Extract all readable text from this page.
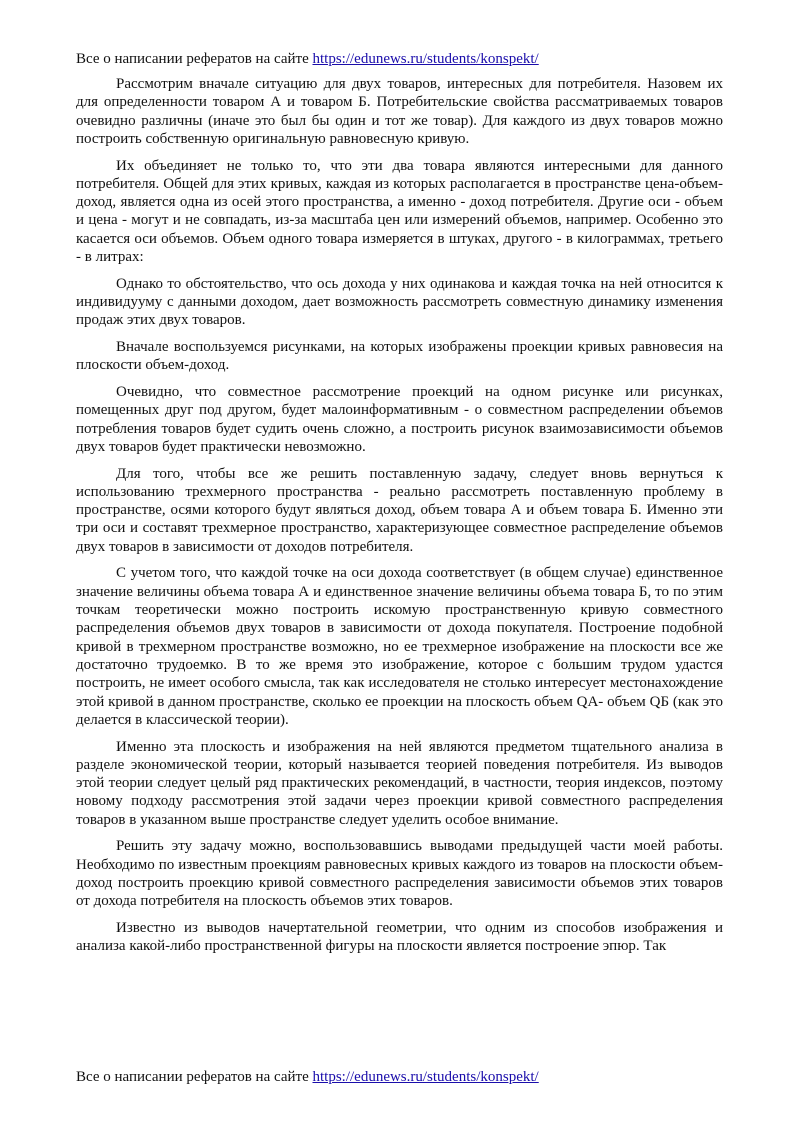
Все о написании рефератов на сайте https://edunews.ru/students/konspekt/

Рассмотрим вначале ситуацию для двух товаров, интересных для потребителя. Назовем их для определенности товаром А и товаром Б. Потребительские свойства рассматриваемых товаров очевидно различны (иначе это был бы один и тот же товар). Для каждого из двух товаров можно построить собственную оригинальную равновесную кривую.

Их объединяет не только то, что эти два товара являются интересными для данного потребителя. Общей для этих кривых, каждая из которых располагается в пространстве цена-объем-доход, является одна из осей этого пространства, а именно - доход потребителя. Другие оси - объем и цена - могут и не совпадать, из-за масштаба цен или измерений объемов, например. Особенно это касается оси объемов. Объем одного товара измеряется в штуках, другого - в килограммах, третьего - в литрах:

Однако то обстоятельство, что ось дохода у них одинакова и каждая точка на ней относится к индивидууму с данными доходом, дает возможность рассмотреть совместную динамику изменения продаж этих двух товаров.

Вначале воспользуемся рисунками, на которых изображены проекции кривых равновесия на плоскости объем-доход.

Очевидно, что совместное рассмотрение проекций на одном рисунке или рисунках, помещенных друг под другом, будет малоинформативным - о совместном распределении объемов потребления товаров будет судить очень сложно, а построить рисунок взаимозависимости объемов двух товаров будет практически невозможно.

Для того, чтобы все же решить поставленную задачу, следует вновь вернуться к использованию трехмерного пространства - реально рассмотреть поставленную проблему в пространстве, осями которого будут являться доход, объем товара А и объем товара Б. Именно эти три оси и составят трехмерное пространство, характеризующее совместное распределение объемов двух товаров в зависимости от доходов потребителя.

С учетом того, что каждой точке на оси дохода соответствует (в общем случае) единственное значение величины объема товара А и единственное значение величины объема товара Б, то по этим точкам теоретически можно построить искомую пространственную кривую совместного распределения объемов двух товаров в зависимости от дохода покупателя. Построение подобной кривой в трехмерном пространстве возможно, но ее трехмерное изображение на плоскости все же достаточно трудоемко. В то же время это изображение, которое с большим трудом удастся построить, не имеет особого смысла, так как исследователя не столько интересует местонахождение этой кривой в данном пространстве, сколько ее проекции на плоскость объем QA- объем QБ (как это делается в классической теории).

Именно эта плоскость и изображения на ней являются предметом тщательного анализа в разделе экономической теории, который называется теорией поведения потребителя. Из выводов этой теории следует целый ряд практических рекомендаций, в частности, теория индексов, поэтому новому подходу рассмотрения этой задачи через проекции кривой совместного распределения товаров в указанном выше пространстве следует уделить особое внимание.

Решить эту задачу можно, воспользовавшись выводами предыдущей части моей работы. Необходимо по известным проекциям равновесных кривых каждого из товаров на плоскости объем-доход построить проекцию кривой совместного распределения зависимости объемов этих товаров от дохода потребителя на плоскость объемов этих товаров.

Известно из выводов начертательной геометрии, что одним из способов изображения и анализа какой-либо пространственной фигуры на плоскости является построение эпюр. Так

Все о написании рефератов на сайте https://edunews.ru/students/konspekt/
